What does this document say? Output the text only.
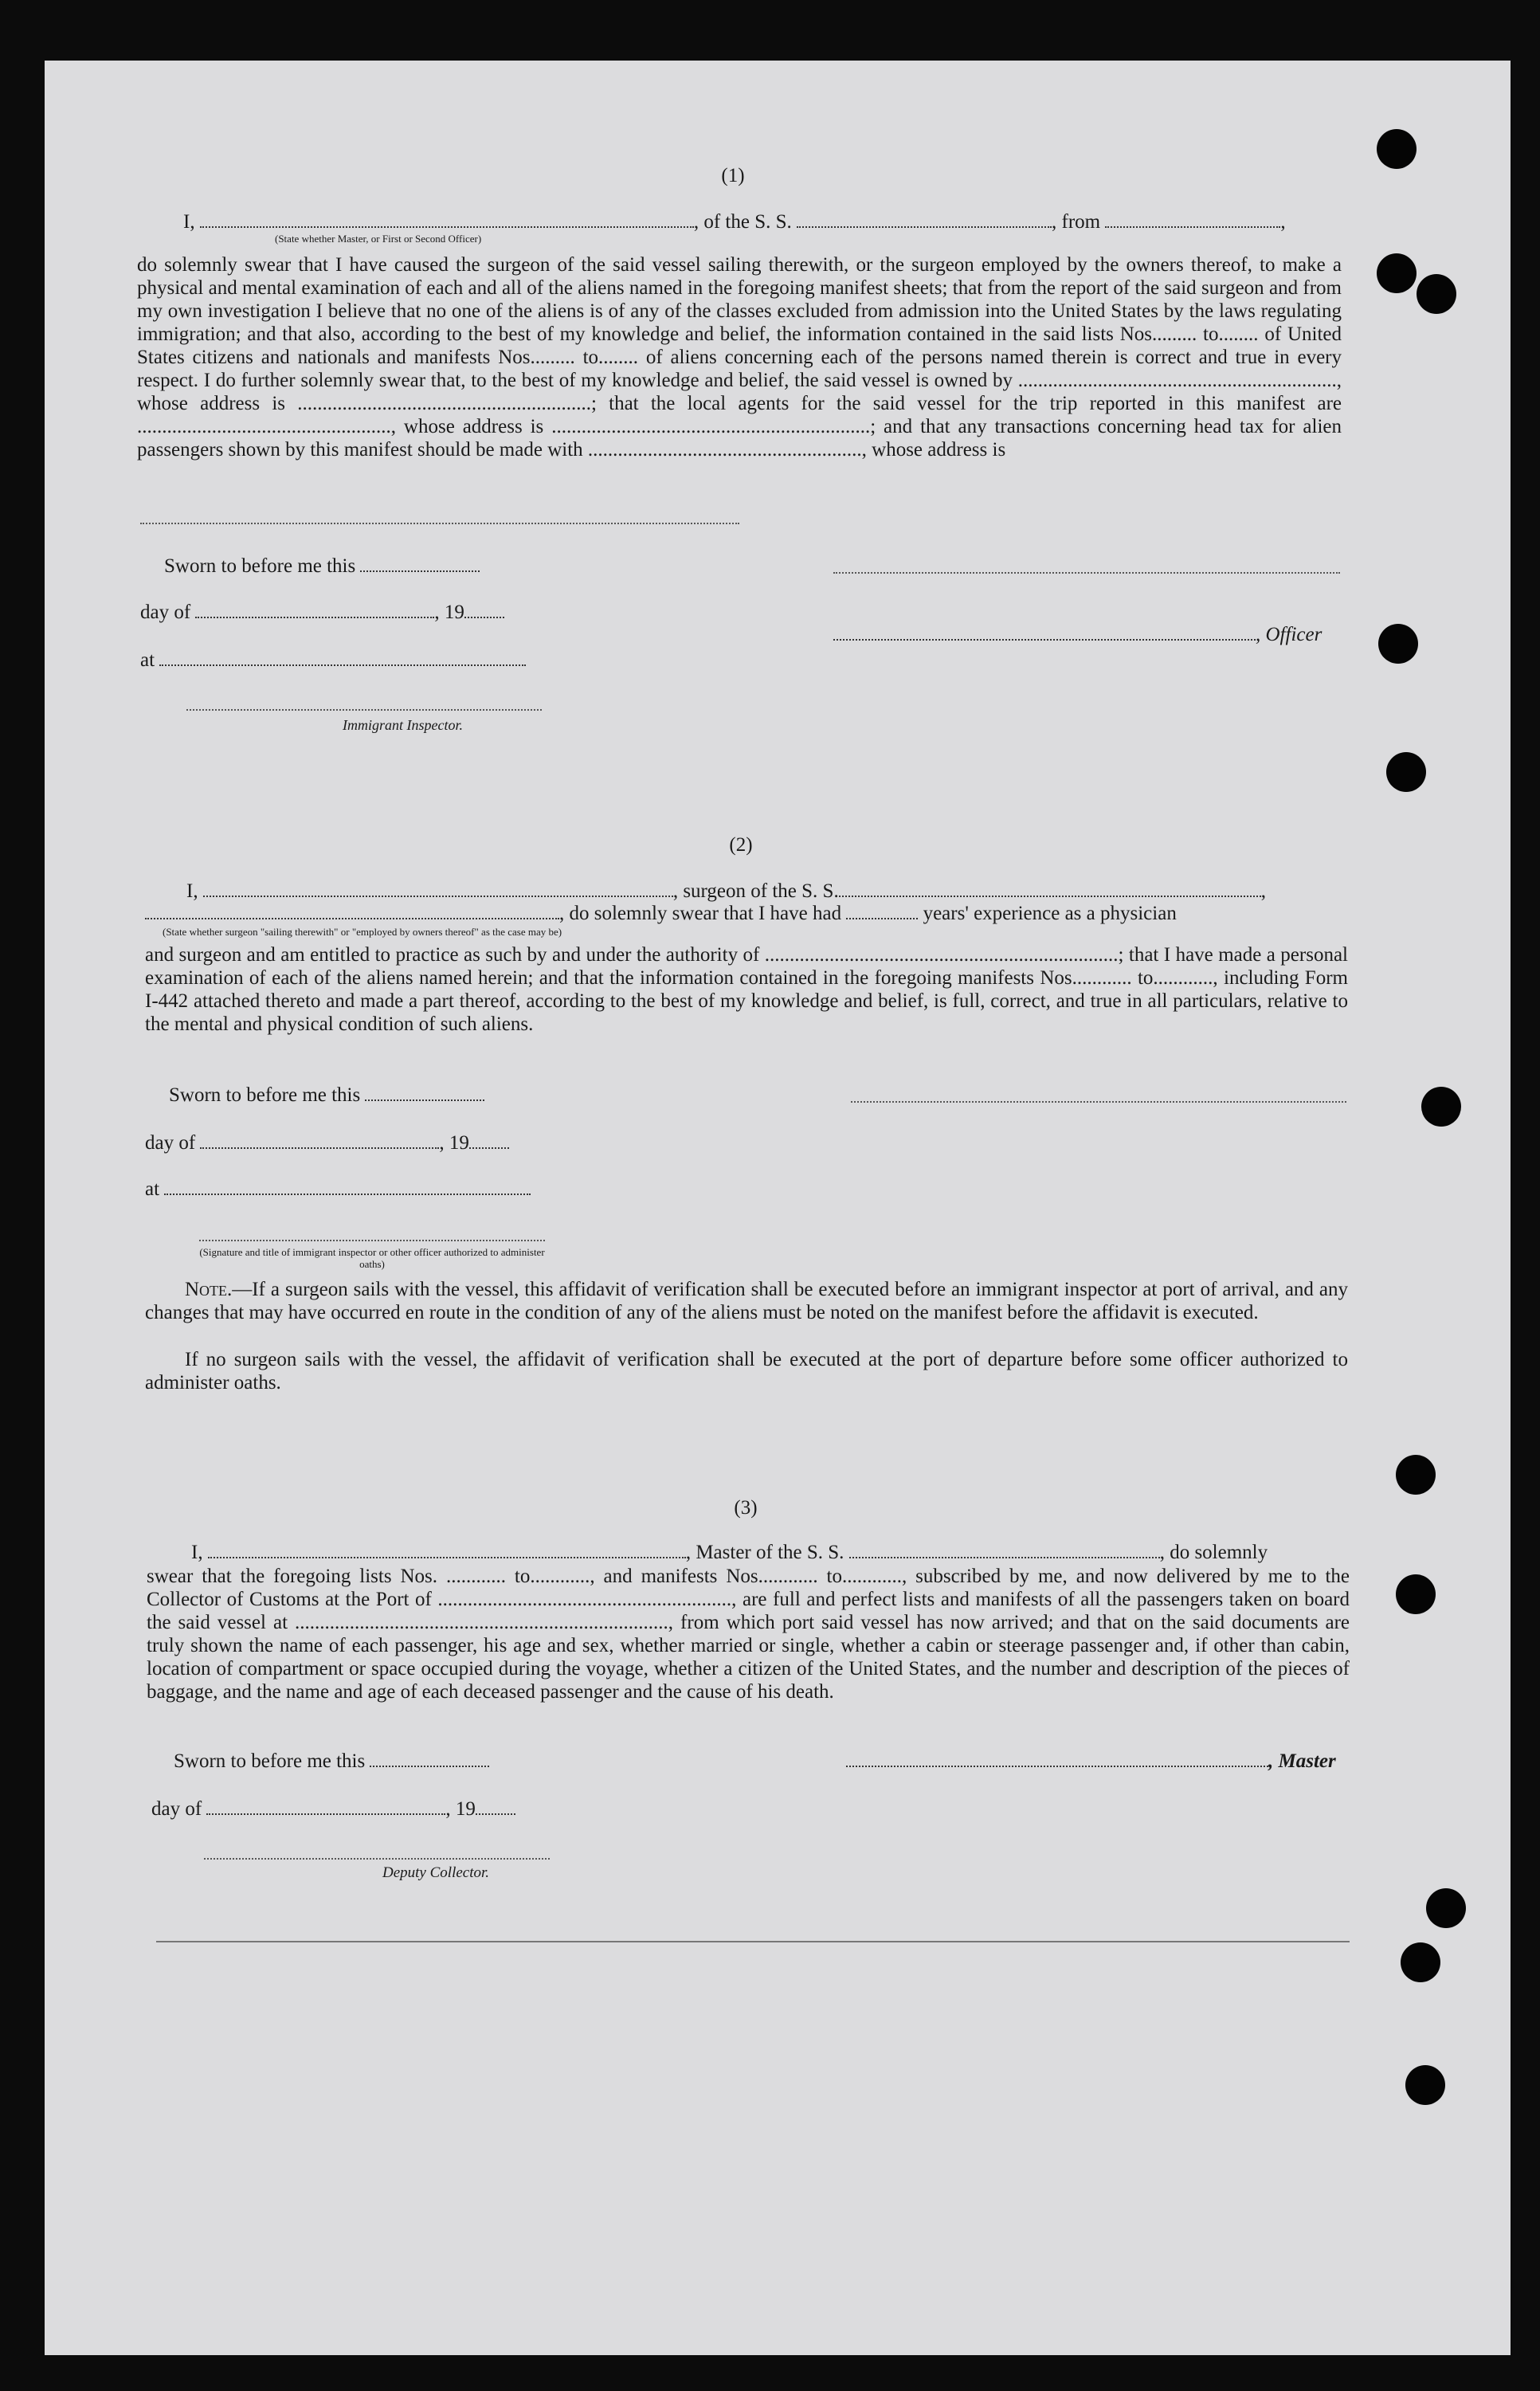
(1)
I,	, of the S. S.	, from	,
(State whether Master, or First or Second Officer)
do solemnly swear that I have caused the surgeon of the said vessel sailing therewith, or the surgeon employed by the owners thereof, to make a physical and mental examination of each and all of the aliens named in the foregoing manifest sheets; that from the report of the said surgeon and from my own investigation I believe that no one of the aliens is of any of the classes excluded from admission into the United States by the laws regulating immigration; and that also, according to the best of my knowledge and belief, the information contained in the said lists Nos......... to........ of United States citizens and nationals and manifests Nos......... to........ of aliens concerning each of the persons named therein is correct and true in every respect. I do further solemnly swear that, to the best of my knowledge and belief, the said vessel is owned by ................................................................, whose address is ...........................................................; that the local agents for the said vessel for the trip reported in this manifest are ..................................................., whose address is ................................................................; and that any transactions concerning head tax for alien passengers shown by this manifest should be made with ......................................................., whose address is
Sworn to before me this
day of	, 19
, Officer
at
Immigrant Inspector.
(2)
I,	, surgeon of the S. S.	,
, do solemnly swear that I have had	years' experience as a physician
(State whether surgeon "sailing therewith" or "employed by owners thereof" as the case may be)
and surgeon and am entitled to practice as such by and under the authority of .......................................................................; that I have made a personal examination of each of the aliens named herein; and that the information contained in the foregoing manifests Nos............ to............, including Form I-442 attached thereto and made a part thereof, according to the best of my knowledge and belief, is full, correct, and true in all particulars, relative to the mental and physical condition of such aliens.
Sworn to before me this
day of	, 19
at
(Signature and title of immigrant inspector or other officer authorized to administer oaths)
Note.—If a surgeon sails with the vessel, this affidavit of verification shall be executed before an immigrant inspector at port of arrival, and any changes that may have occurred en route in the condition of any of the aliens must be noted on the manifest before the affidavit is executed.
If no surgeon sails with the vessel, the affidavit of verification shall be executed at the port of departure before some officer authorized to administer oaths.
(3)
I,	, Master of the S. S.	, do solemnly
swear that the foregoing lists Nos. ............ to............, and manifests Nos............ to............, subscribed by me, and now delivered by me to the Collector of Customs at the Port of ..........................................................., are full and perfect lists and manifests of all the passengers taken on board the said vessel at ..........................................................................., from which port said vessel has now arrived; and that on the said documents are truly shown the name of each passenger, his age and sex, whether married or single, whether a cabin or steerage passenger and, if other than cabin, location of compartment or space occupied during the voyage, whether a citizen of the United States, and the number and description of the pieces of baggage, and the name and age of each deceased passenger and the cause of his death.
Sworn to before me this	, Master
day of	, 19
Deputy Collector.
